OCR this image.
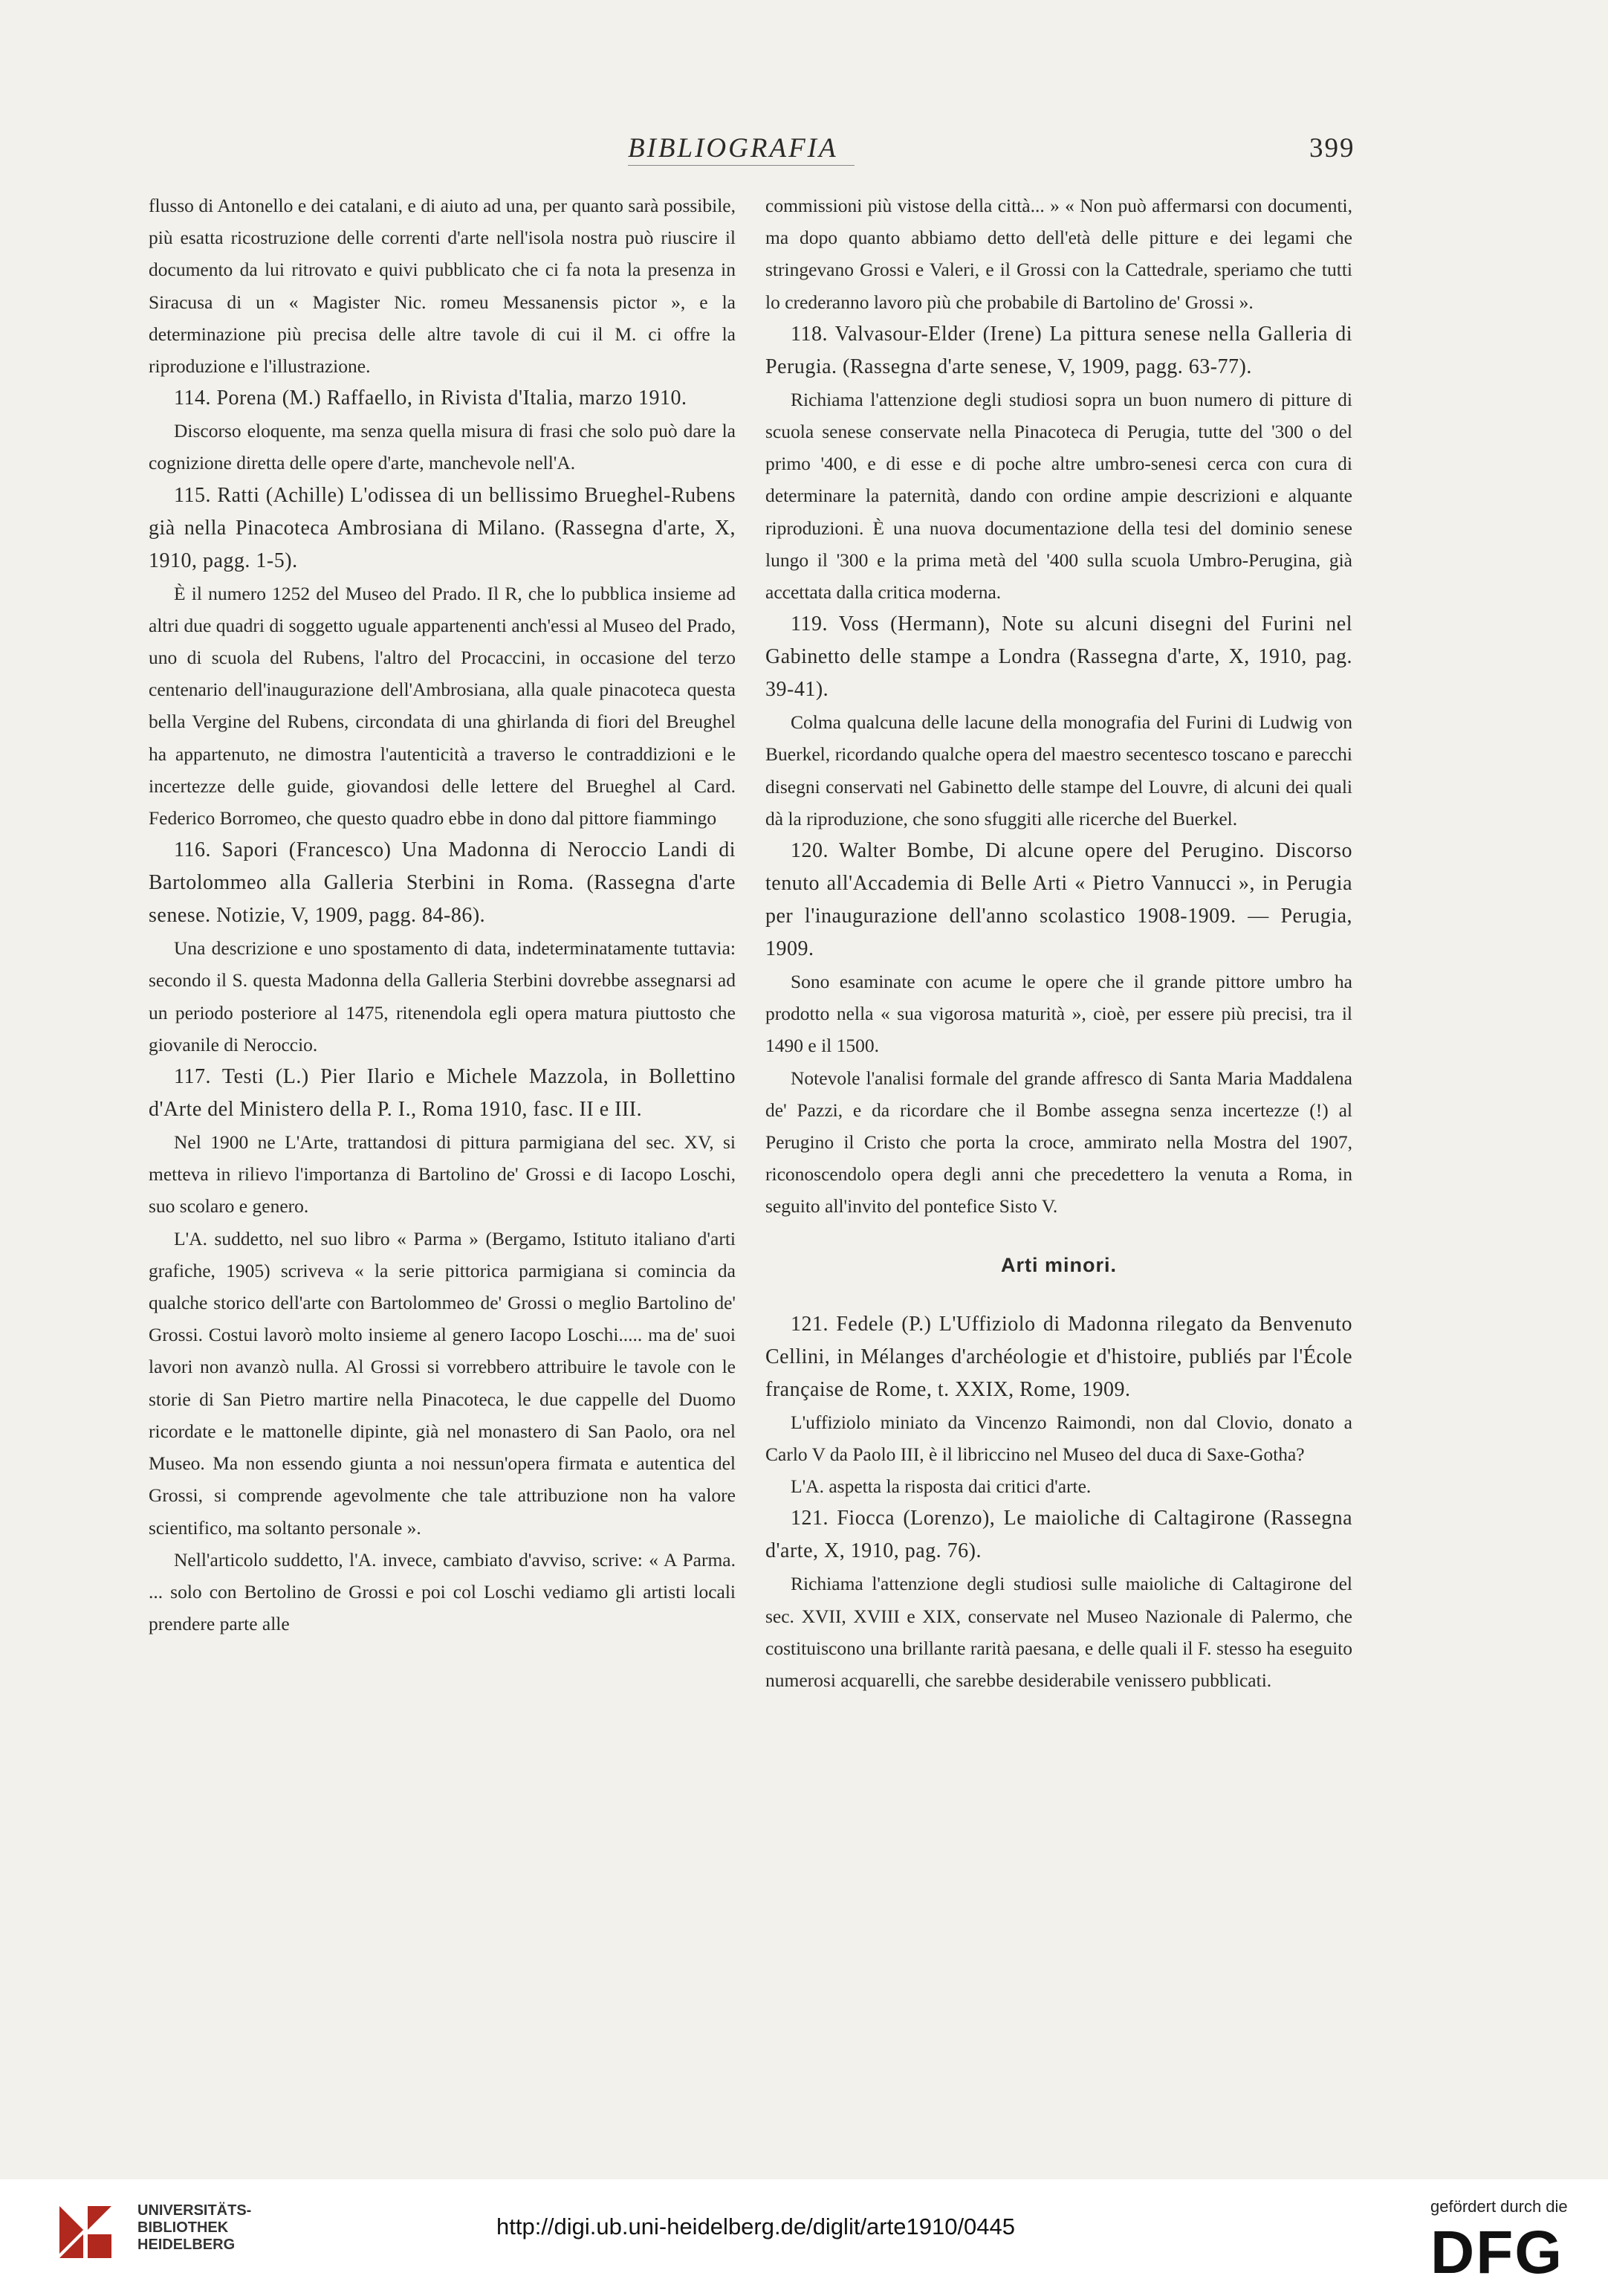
BIBLIOGRAFIA	399

flusso di Antonello e dei catalani, e di aiuto ad una, per quanto sarà possibile, più esatta ricostruzione delle correnti d'arte nell'isola nostra può riuscire il documento da lui ritrovato e quivi pubblicato che ci fa nota la presenza in Siracusa di un « Magister Nic. romeu Messanensis pictor », e la determinazione più precisa delle altre tavole di cui il M. ci offre la riproduzione e l'illustrazione.

114. Porena (M.) Raffaello, in Rivista d'Italia, marzo 1910.

Discorso eloquente, ma senza quella misura di frasi che solo può dare la cognizione diretta delle opere d'arte, manchevole nell'A.

115. Ratti (Achille) L'odissea di un bellissimo Brueghel-Rubens già nella Pinacoteca Ambrosiana di Milano. (Rassegna d'arte, X, 1910, pagg. 1-5).

È il numero 1252 del Museo del Prado. Il R, che lo pubblica insieme ad altri due quadri di soggetto uguale appartenenti anch'essi al Museo del Prado, uno di scuola del Rubens, l'altro del Procaccini, in occasione del terzo centenario dell'inaugurazione dell'Ambrosiana, alla quale pinacoteca questa bella Vergine del Rubens, circondata di una ghirlanda di fiori del Breughel ha appartenuto, ne dimostra l'autenticità a traverso le contraddizioni e le incertezze delle guide, giovandosi delle lettere del Brueghel al Card. Federico Borromeo, che questo quadro ebbe in dono dal pittore fiammingo

116. Sapori (Francesco) Una Madonna di Neroccio Landi di Bartolommeo alla Galleria Sterbini in Roma. (Rassegna d'arte senese. Notizie, V, 1909, pagg. 84-86).

Una descrizione e uno spostamento di data, indeterminatamente tuttavia: secondo il S. questa Madonna della Galleria Sterbini dovrebbe assegnarsi ad un periodo posteriore al 1475, ritenendola egli opera matura piuttosto che giovanile di Neroccio.

117. Testi (L.) Pier Ilario e Michele Mazzola, in Bollettino d'Arte del Ministero della P. I., Roma 1910, fasc. II e III.

Nel 1900 ne L'Arte, trattandosi di pittura parmigiana del sec. XV, si metteva in rilievo l'importanza di Bartolino de' Grossi e di Iacopo Loschi, suo scolaro e genero.

L'A. suddetto, nel suo libro « Parma » (Bergamo, Istituto italiano d'arti grafiche, 1905) scriveva « la serie pittorica parmigiana si comincia da qualche storico dell'arte con Bartolommeo de' Grossi o meglio Bartolino de' Grossi. Costui lavorò molto insieme al genero Iacopo Loschi..... ma de' suoi lavori non avanzò nulla. Al Grossi si vorrebbero attribuire le tavole con le storie di San Pietro martire nella Pinacoteca, le due cappelle del Duomo ricordate e le mattonelle dipinte, già nel monastero di San Paolo, ora nel Museo. Ma non essendo giunta a noi nessun'opera firmata e autentica del Grossi, si comprende agevolmente che tale attribuzione non ha valore scientifico, ma soltanto personale ».

Nell'articolo suddetto, l'A. invece, cambiato d'avviso, scrive: « A Parma. ... solo con Bertolino de Grossi e poi col Loschi vediamo gli artisti locali prendere parte alle

commissioni più vistose della città... » « Non può affermarsi con documenti, ma dopo quanto abbiamo detto dell'età delle pitture e dei legami che stringevano Grossi e Valeri, e il Grossi con la Cattedrale, speriamo che tutti lo crederanno lavoro più che probabile di Bartolino de' Grossi ».

118. Valvasour-Elder (Irene) La pittura senese nella Galleria di Perugia. (Rassegna d'arte senese, V, 1909, pagg. 63-77).

Richiama l'attenzione degli studiosi sopra un buon numero di pitture di scuola senese conservate nella Pinacoteca di Perugia, tutte del '300 o del primo '400, e di esse e di poche altre umbro-senesi cerca con cura di determinare la paternità, dando con ordine ampie descrizioni e alquante riproduzioni. È una nuova documentazione della tesi del dominio senese lungo il '300 e la prima metà del '400 sulla scuola Umbro-Perugina, già accettata dalla critica moderna.

119. Voss (Hermann), Note su alcuni disegni del Furini nel Gabinetto delle stampe a Londra (Rassegna d'arte, X, 1910, pag. 39-41).

Colma qualcuna delle lacune della monografia del Furini di Ludwig von Buerkel, ricordando qualche opera del maestro secentesco toscano e parecchi disegni conservati nel Gabinetto delle stampe del Louvre, di alcuni dei quali dà la riproduzione, che sono sfuggiti alle ricerche del Buerkel.

120. Walter Bombe, Di alcune opere del Perugino. Discorso tenuto all'Accademia di Belle Arti « Pietro Vannucci », in Perugia per l'inaugurazione dell'anno scolastico 1908-1909. — Perugia, 1909.

Sono esaminate con acume le opere che il grande pittore umbro ha prodotto nella « sua vigorosa maturità », cioè, per essere più precisi, tra il 1490 e il 1500.

Notevole l'analisi formale del grande affresco di Santa Maria Maddalena de' Pazzi, e da ricordare che il Bombe assegna senza incertezze (!) al Perugino il Cristo che porta la croce, ammirato nella Mostra del 1907, riconoscendolo opera degli anni che precedettero la venuta a Roma, in seguito all'invito del pontefice Sisto V.

Arti minori.

121. Fedele (P.) L'Uffiziolo di Madonna rilegato da Benvenuto Cellini, in Mélanges d'archéologie et d'histoire, publiés par l'École française de Rome, t. XXIX, Rome, 1909.

L'uffiziolo miniato da Vincenzo Raimondi, non dal Clovio, donato a Carlo V da Paolo III, è il libriccino nel Museo del duca di Saxe-Gotha?

L'A. aspetta la risposta dai critici d'arte.

121. Fiocca (Lorenzo), Le maioliche di Caltagirone (Rassegna d'arte, X, 1910, pag. 76).

Richiama l'attenzione degli studiosi sulle maioliche di Caltagirone del sec. XVII, XVIII e XIX, conservate nel Museo Nazionale di Palermo, che costituiscono una brillante rarità paesana, e delle quali il F. stesso ha eseguito numerosi acquarelli, che sarebbe desiderabile venissero pubblicati.

UNIVERSITÄTS-
BIBLIOTHEK
HEIDELBERG
http://digi.ub.uni-heidelberg.de/diglit/arte1910/0445
gefördert durch die
DFG
